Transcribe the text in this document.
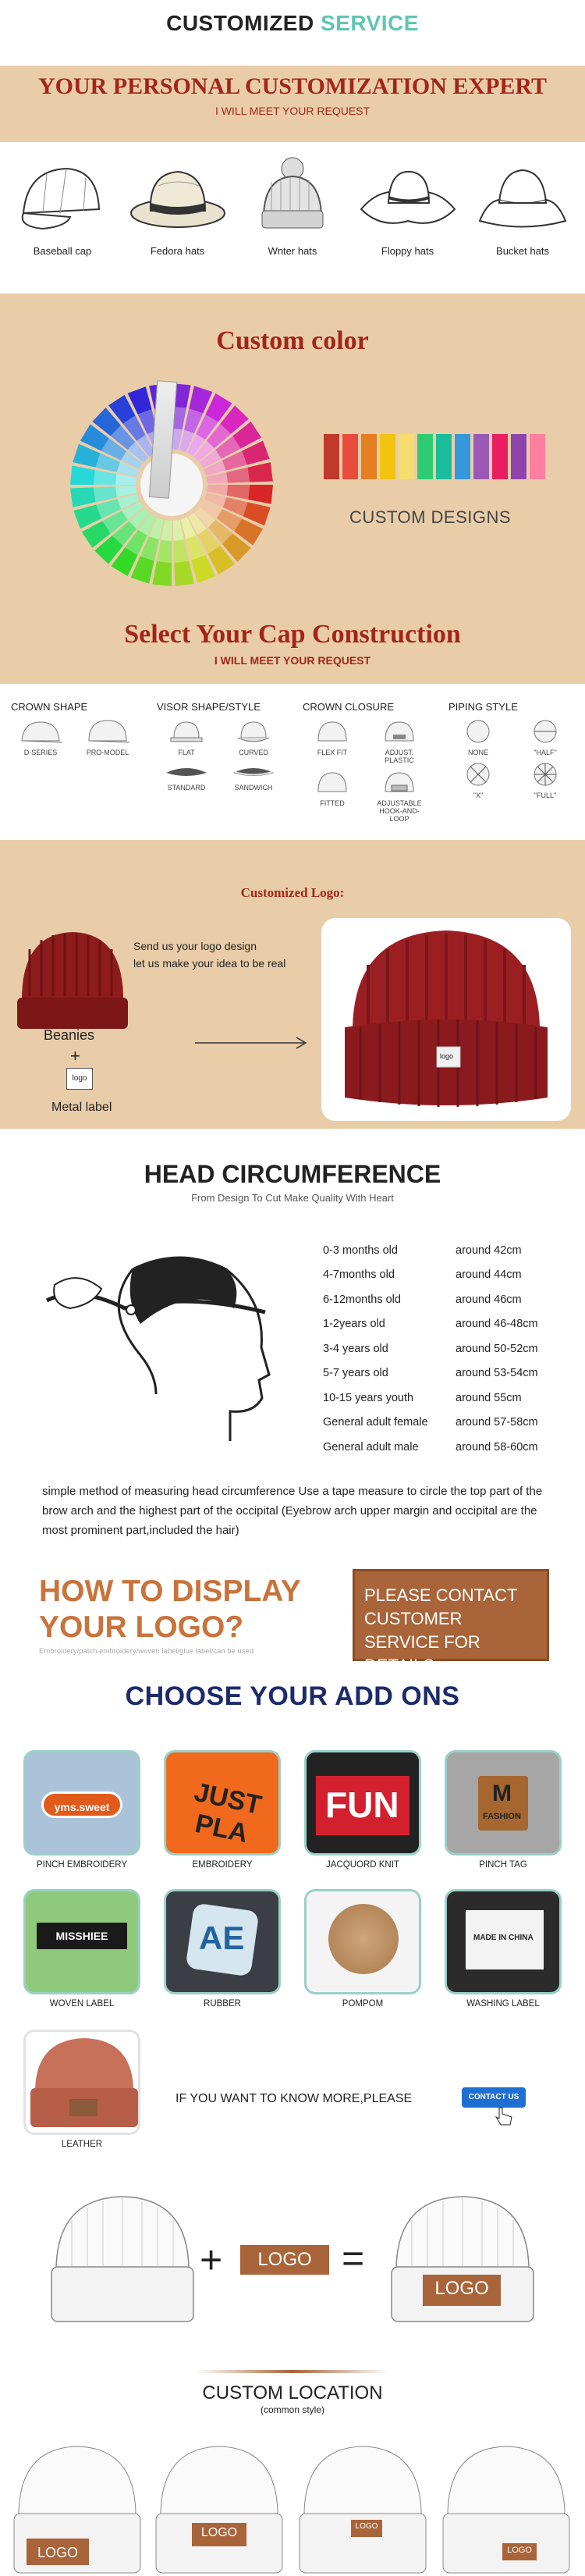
CUSTOMIZED SERVICE
YOUR PERSONAL CUSTOMIZATION EXPERT
I WILL MEET YOUR REQUEST
Baseball cap	Fedora hats	Wnter hats	Floppy hats	Bucket hats
Custom color
CUSTOM DESIGNS
Select Your Cap Construction
I WILL MEET YOUR REQUEST
CROWN SHAPE
D-SERIES	PRO-MODEL
VISOR SHAPE/STYLE
FLAT	CURVED
STANDARD	SANDWICH
CROWN CLOSURE
FLEX FIT	ADJUST. PLASTIC
FITTED	ADJUSTABLE HOOK-AND-LOOP
PIPING STYLE
NONE	"HALF"
"X"	"FULL"
Customized Logo:
Send us your logo design
let us make your idea to be real
Beanies
+
logo
Metal label
logo
HEAD CIRCUMFERENCE
From Design To Cut Make Quality With Heart
0-3 months old	around 42cm
4-7months old	around 44cm
6-12months old	around 46cm
1-2years old	around 46-48cm
3-4 years old	around 50-52cm
5-7 years old	around 53-54cm
10-15 years youth	around 55cm
General adult female	around 57-58cm
General adult male	around 58-60cm
simple method of measuring head circumference Use a tape measure to circle the top part of the brow arch and the highest part of the occipital (Eyebrow arch upper margin and occipital are the most prominent part,included the hair)
HOW TO DISPLAY
YOUR LOGO?
Embroidery/patch embroidery/woven label/glue label/can be used
PLEASE CONTACT
CUSTOMER
SERVICE FOR DETAILS
CHOOSE YOUR ADD ONS
yms.sweet
PINCH EMBROIDERY
JUST PLA
EMBROIDERY
FUN
JACQUORD KNIT
M
FASHION
PINCH TAG
MISSHIEE
WOVEN LABEL
AE
RUBBER	POMPOM
MADE IN CHINA
WASHING LABEL
LEATHER
IF YOU WANT TO KNOW MORE,PLEASE	CONTACT US
+	LOGO =
LOGO
CUSTOM LOCATION
(common style)
LOGO
LOGO	LOGO
LOGO
